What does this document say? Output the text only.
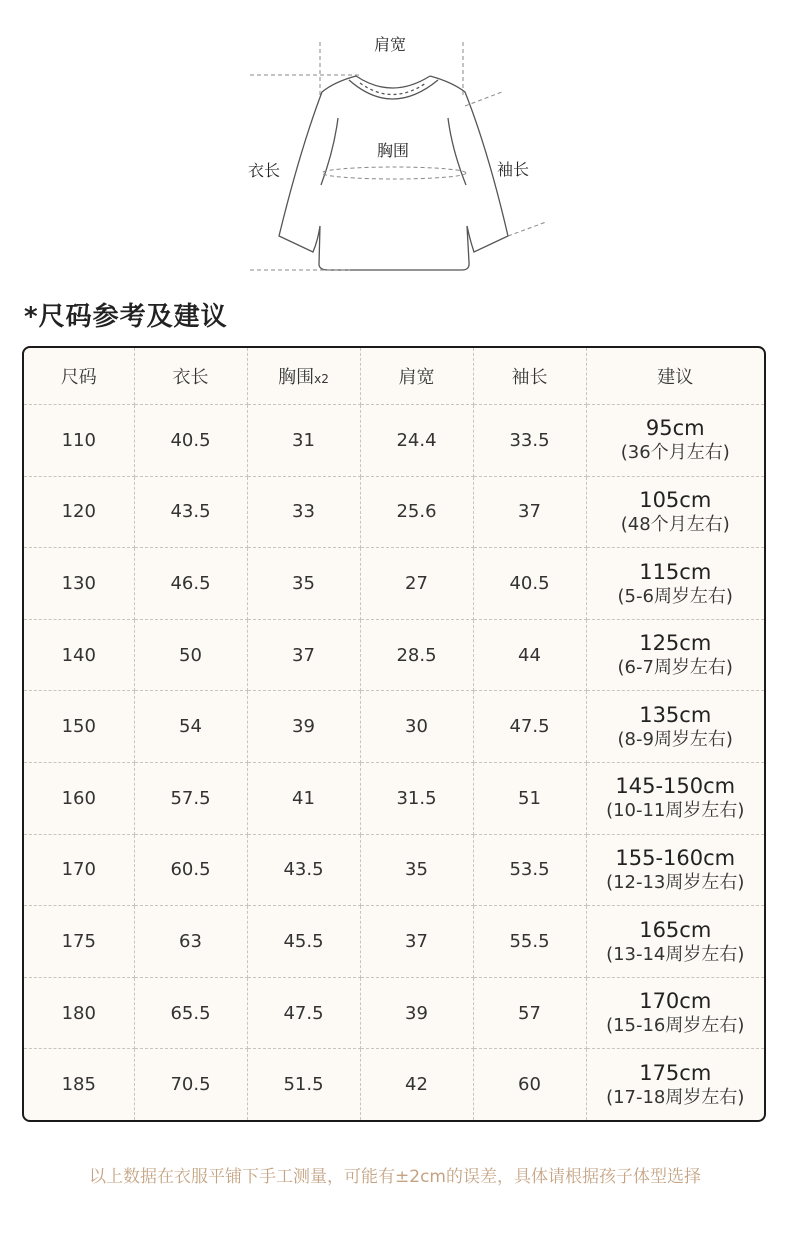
肩宽
胸围
衣长	袖长
*尺码参考及建议
尺码	衣长	胸围x2	肩宽	袖长	建议
110	40.5	31	24.4	33.5	95cm
(36个月左右)

120	43.5	33	25.6	37	105cm
(48个月左右)

130	46.5	35	27	40.5	115cm
(5-6周岁左右)

140	50	37	28.5	44	125cm
(6-7周岁左右)

150	54	39	30	47.5	135cm
(8-9周岁左右)

160	57.5	41	31.5	51	145-150cm
(10-11周岁左右)

170	60.5	43.5	35	53.5	155-160cm
(12-13周岁左右)

175	63	45.5	37	55.5	165cm
(13-14周岁左右)

180	65.5	47.5	39	57	170cm
(15-16周岁左右)

185	70.5	51.5	42	60	175cm
(17-18周岁左右)
以上数据在衣服平铺下手工测量，可能有±2cm的误差，具体请根据孩子体型选择
